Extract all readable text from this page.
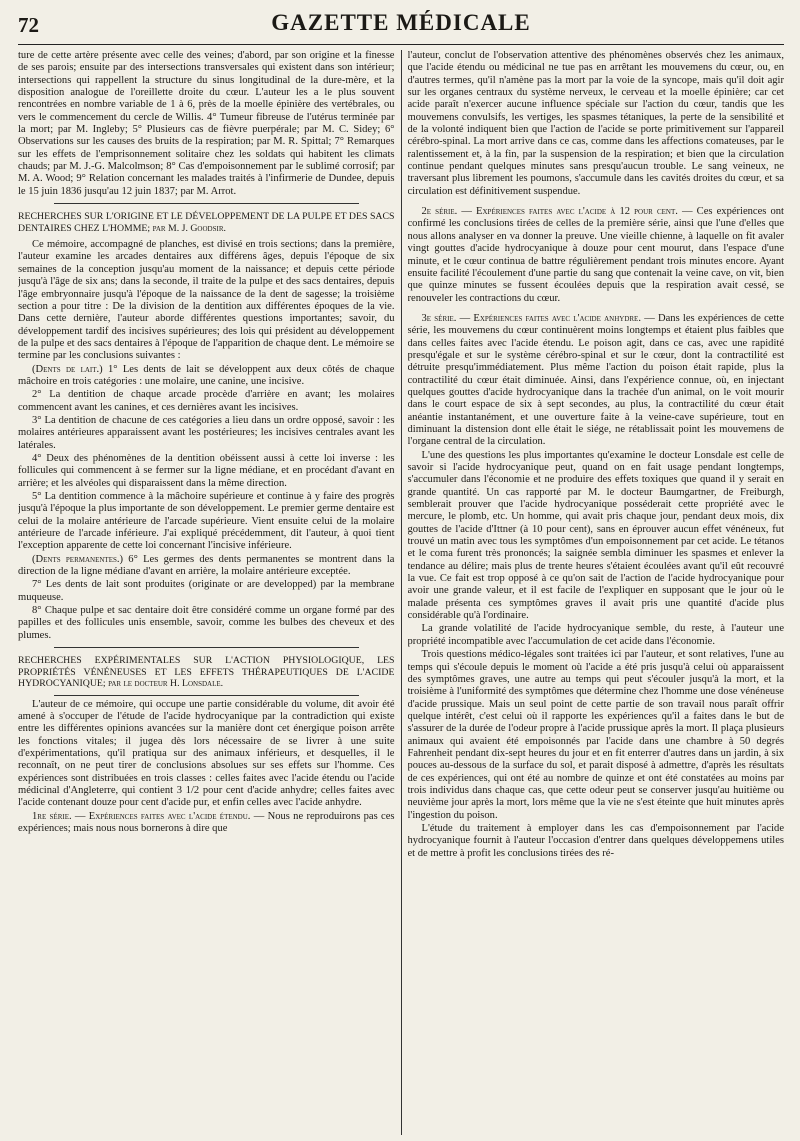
72	GAZETTE MÉDICALE

ture de cette artère présente avec celle des veines; d'abord, par son origine et la finesse de ses parois; ensuite par des intersections transversales qui existent dans son intérieur; intersections qui rappellent la structure du sinus longitudinal de la dure-mère, et la disposition analogue de l'oreillette droite du cœur. L'auteur les a le plus souvent rencontrées en nombre variable de 1 à 6, près de la moelle épinière des vertébrales, ou vers le commencement du cercle de Willis. 4° Tumeur fibreuse de l'utérus terminée par la mort; par M. Ingleby; 5° Plusieurs cas de fièvre puerpérale; par M. C. Sidey; 6° Observations sur les causes des bruits de la respiration; par M. R. Spittal; 7° Remarques sur les effets de l'emprisonnement solitaire chez les soldats qui habitent les climats chauds; par M. J.-G. Malcolmson; 8° Cas d'empoisonnement par le sublimé corrosif; par M. A. Wood; 9° Relation concernant les malades traités à l'infirmerie de Dundee, depuis le 15 juin 1836 jusqu'au 12 juin 1837; par M. Arrot.

RECHERCHES SUR L'ORIGINE ET LE DÉVELOPPEMENT DE LA PULPE ET DES SACS DENTAIRES CHEZ L'HOMME; par M. J. Goodsir.

Ce mémoire, accompagné de planches, est divisé en trois sections; dans la première, l'auteur examine les arcades dentaires aux différens âges, depuis l'époque de six semaines de la conception jusqu'au moment de la naissance; et depuis cette période jusqu'à l'âge de six ans; dans la seconde, il traite de la pulpe et des sacs dentaires, depuis l'âge embryonnaire jusqu'à l'époque de la naissance de la dent de sagesse; la troisième section a pour titre : De la division de la dentition aux différentes époques de la vie. Dans cette dernière, l'auteur aborde différentes questions importantes; savoir, du développement tardif des incisives supérieures; des lois qui président au développement de la pulpe et des sacs dentaires à l'époque de l'apparition de chaque dent. Le mémoire se termine par les conclusions suivantes :

(Dents de lait.) 1° Les dents de lait se développent aux deux côtés de chaque mâchoire en trois catégories : une molaire, une canine, une incisive.

2° La dentition de chaque arcade procède d'arrière en avant; les molaires commencent avant les canines, et ces dernières avant les incisives.

3° La dentition de chacune de ces catégories a lieu dans un ordre opposé, savoir : les molaires antérieures apparaissent avant les postérieures; les incisives centrales avant les latérales.

4° Deux des phénomènes de la dentition obéissent aussi à cette loi inverse : les follicules qui commencent à se fermer sur la ligne médiane, et en procédant d'avant en arrière; et les alvéoles qui disparaissent dans la même direction.

5° La dentition commence à la mâchoire supérieure et continue à y faire des progrès jusqu'à l'époque la plus importante de son développement. Le premier germe dentaire est celui de la molaire antérieure de l'arcade supérieure. Vient ensuite celui de la molaire antérieure de l'arcade inférieure. J'ai expliqué précédemment, dit l'auteur, à quoi tient l'exception apparente de cette loi concernant l'incisive inférieure.

(Dents permanentes.) 6° Les germes des dents permanentes se montrent dans la direction de la ligne médiane d'avant en arrière, la molaire antérieure exceptée.

7° Les dents de lait sont produites (originate or are developped) par la membrane muqueuse.

8° Chaque pulpe et sac dentaire doit être considéré comme un organe formé par des papilles et des follicules unis ensemble, savoir, comme les bulbes des cheveux et des plumes.

RECHERCHES EXPÉRIMENTALES SUR L'ACTION PHYSIOLOGIQUE, LES PROPRIÉTÉS VÉNÉNEUSES ET LES EFFETS THÉRAPEUTIQUES DE L'ACIDE HYDROCYANIQUE; par le docteur H. Lonsdale.

L'auteur de ce mémoire, qui occupe une partie considérable du volume, dit avoir été amené à s'occuper de l'étude de l'acide hydrocyanique par la contradiction qui existe entre les différentes opinions avancées sur la manière dont cet énergique poison arrête les fonctions vitales; il jugea dès lors nécessaire de se livrer à une suite d'expérimentations, qu'il pratiqua sur des animaux inférieurs, et desquelles, il le reconnaît, on ne peut tirer de conclusions absolues sur ses effets sur l'homme. Ces expériences sont distribuées en trois classes : celles faites avec l'acide étendu ou l'acide médicinal d'Angleterre, qui contient 3 1/2 pour cent d'acide anhydre; celles faites avec l'acide contenant douze pour cent d'acide pur, et enfin celles avec l'acide anhydre.

1re série. — Expériences faites avec l'acide étendu. — Nous ne reproduirons pas ces expériences; mais nous nous bornerons à dire que

l'auteur, conclut de l'observation attentive des phénomènes observés chez les animaux, que l'acide étendu ou médicinal ne tue pas en arrêtant les mouvemens du cœur, ou, en d'autres termes, qu'il n'amène pas la mort par la voie de la syncope, mais qu'il doit agir sur les organes centraux du système nerveux, le cerveau et la moelle épinière; car cet acide paraît n'exercer aucune influence spéciale sur l'action du cœur, tandis que les mouvemens convulsifs, les vertiges, les spasmes tétaniques, la perte de la sensibilité et de la volonté indiquent bien que l'action de l'acide se porte primitivement sur l'appareil cérébro-spinal. La mort arrive dans ce cas, comme dans les affections comateuses, par le ralentissement et, à la fin, par la suspension de la respiration; et bien que la circulation continue pendant quelques minutes sans presqu'aucun trouble. Le sang veineux, ne traversant plus librement les poumons, s'accumule dans les cavités droites du cœur, et sa circulation est définitivement suspendue.

2e série. — Expériences faites avec l'acide à 12 pour cent. — Ces expériences ont confirmé les conclusions tirées de celles de la première série, ainsi que l'une d'elles que nous allons analyser en va donner la preuve. Une vieille chienne, à laquelle on fit avaler vingt gouttes d'acide hydrocyanique à douze pour cent mourut, dans l'espace d'une minute, et le cœur continua de battre régulièrement pendant trois minutes encore. Ayant ensuite facilité l'écoulement d'une partie du sang que contenait la veine cave, on vit, bien que quinze minutes se fussent écoulées depuis que la respiration avait cessé, se renouveler les contractions du cœur.

3e série. — Expériences faites avec l'acide anhydre. — Dans les expériences de cette série, les mouvemens du cœur continuèrent moins longtemps et étaient plus faibles que dans celles faites avec l'acide étendu. Le poison agit, dans ce cas, avec une rapidité presqu'égale et sur le système cérébro-spinal et sur le cœur, dont la contractilité est détruite presqu'immédiatement. Plus même l'action du poison était rapide, plus la contractilité du cœur était diminuée. Ainsi, dans l'expérience connue, où, en injectant quelques gouttes d'acide hydrocyanique dans la trachée d'un animal, on le voit mourir dans le court espace de six à sept secondes, au plus, la contractilité du cœur était anéantie instantanément, et une ouverture faite à la veine-cave supérieure, tout en diminuant la distension dont elle était le siége, ne rétablissait point les mouvemens de l'organe central de la circulation.

L'une des questions les plus importantes qu'examine le docteur Lonsdale est celle de savoir si l'acide hydrocyanique peut, quand on en fait usage pendant longtemps, s'accumuler dans l'économie et ne produire des effets toxiques que quand il y serait en grande quantité. Un cas rapporté par M. le docteur Baumgartner, de Freiburgh, semblerait prouver que l'acide hydrocyanique posséderait cette propriété avec le mercure, le plomb, etc. Un homme, qui avait pris chaque jour, pendant deux mois, dix gouttes de l'acide d'Ittner (à 10 pour cent), sans en éprouver aucun effet vénéneux, fut trouvé un matin avec tous les symptômes d'un empoisonnement par cet acide. Le tétanos et le coma furent très prononcés; la saignée sembla diminuer les spasmes et enlever la tendance au délire; mais plus de trente heures s'étaient écoulées avant qu'il eût recouvré la vue. Ce fait est trop opposé à ce qu'on sait de l'action de l'acide hydrocyanique pour avoir une grande valeur, et il est facile de l'expliquer en supposant que le jour où le malade présenta ces symptômes graves il avait pris une quantité d'acide plus considérable qu'à l'ordinaire.

La grande volatilité de l'acide hydrocyanique semble, du reste, à l'auteur une propriété incompatible avec l'accumulation de cet acide dans l'économie.

Trois questions médico-légales sont traitées ici par l'auteur, et sont relatives, l'une au temps qui s'écoule depuis le moment où l'acide a été pris jusqu'à celui où apparaissent des symptômes graves, une autre au temps qui peut s'écouler jusqu'à la mort, et la troisième à l'uniformité des symptômes que détermine chez l'homme une dose vénéneuse d'acide prussique. Mais un seul point de cette partie de son travail nous paraît offrir quelque intérêt, c'est celui où il rapporte les expériences qu'il a faites dans le but de s'assurer de la durée de l'odeur propre à l'acide prussique après la mort. Il plaça plusieurs animaux qui avaient été empoisonnés par l'acide dans une chambre à 50 degrés Fahrenheit pendant dix-sept heures du jour et en fit enterrer d'autres dans un jardin, à six pouces au-dessous de la surface du sol, et parait disposé à admettre, d'après les résultats de ces expériences, qui ont été au nombre de quinze et ont été constatées au moins par trois individus dans chaque cas, que cette odeur peut se conserver jusqu'au huitième ou neuvième jour après la mort, lors même que la vie ne s'est éteinte que huit minutes après l'ingestion du poison.

L'étude du traitement à employer dans les cas d'empoisonnement par l'acide hydrocyanique fournit à l'auteur l'occasion d'entrer dans quelques développemens utiles et de mettre à profit les conclusions tirées des ré-
